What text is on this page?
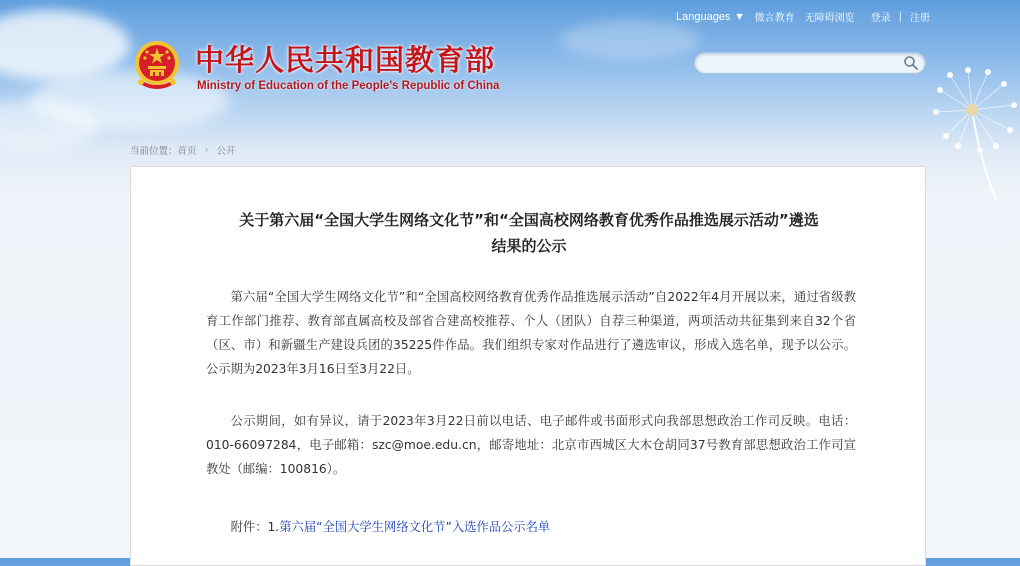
Languages ▼ 微言教育 无障碍浏览 登录 | 注册
中华人民共和国教育部
Ministry of Education of the People's Republic of China
当前位置： 首页 › 公开
关于第六届“全国大学生网络文化节”和“全国高校网络教育优秀作品推选展示活动”遴选
结果的公示

第六届“全国大学生网络文化节”和“全国高校网络教育优秀作品推选展示活动”自2022年4月开展以来，通过省级教育工作部门推荐、教育部直属高校及部省合建高校推荐、个人（团队）自荐三种渠道，两项活动共征集到来自32个省（区、市）和新疆生产建设兵团的35225件作品。我们组织专家对作品进行了遴选审议，形成入选名单，现予以公示。公示期为2023年3月16日至3月22日。

公示期间，如有异议，请于2023年3月22日前以电话、电子邮件或书面形式向我部思想政治工作司反映。电话：010-66097284，电子邮箱：szc@moe.edu.cn，邮寄地址：北京市西城区大木仓胡同37号教育部思想政治工作司宣教处（邮编：100816）。

附件：1.第六届“全国大学生网络文化节”入选作品公示名单
